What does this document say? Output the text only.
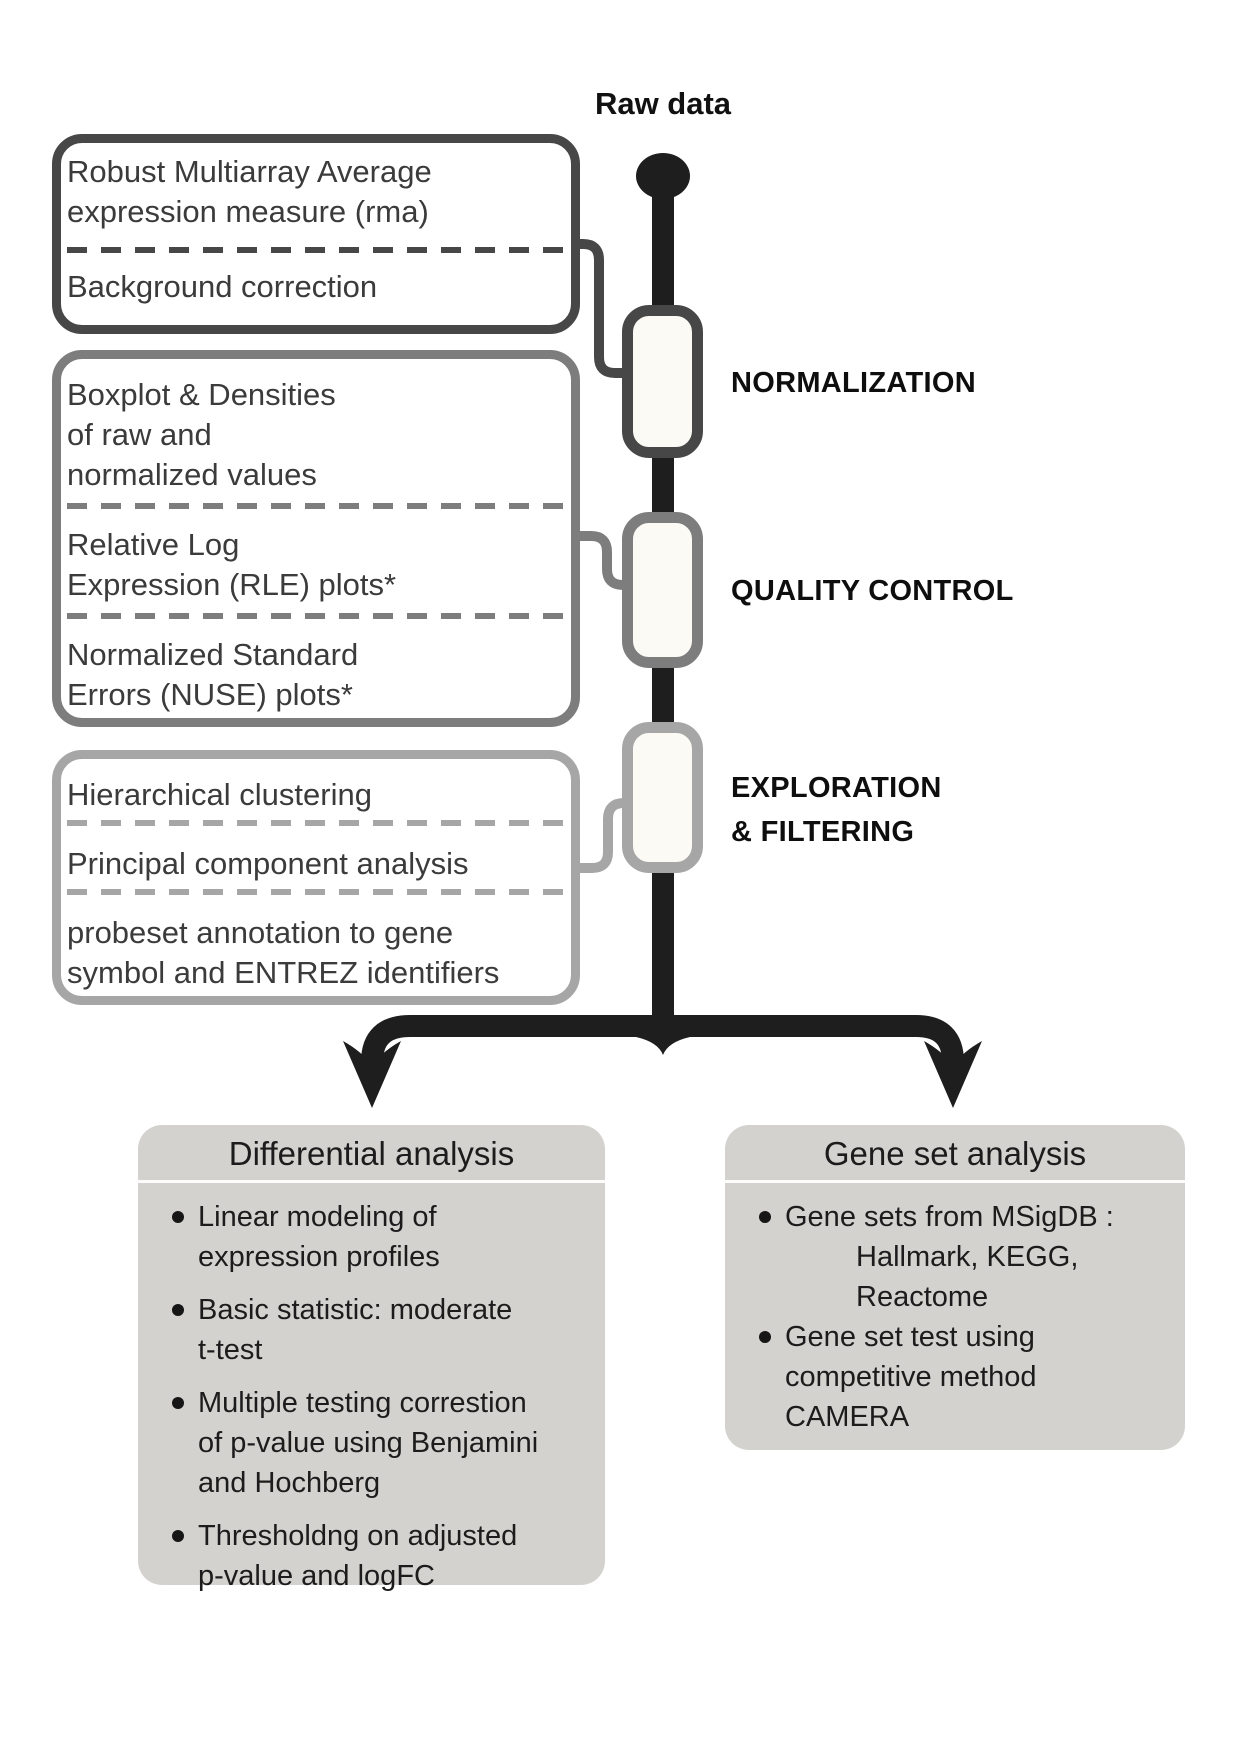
Robust Multiarray Average
expression measure (rma)
Background correction
Boxplot & Densities
of raw and
normalized values
Relative Log
Expression (RLE) plots*
Normalized Standard
Errors (NUSE) plots*
Hierarchical clustering
Principal component analysis
probeset annotation to gene
symbol and ENTREZ identifiers
Raw data
NORMALIZATION
QUALITY CONTROL
EXPLORATION
& FILTERING
Differential analysis
Linear modeling of
expression profiles
Basic statistic: moderate
t-test
Multiple testing correstion
of p-value using Benjamini
and Hochberg
Thresholdng on adjusted
p-value and logFC
Gene set analysis
Gene sets from MSigDB :
Hallmark, KEGG,
Reactome
Gene set test using
competitive method
CAMERA
